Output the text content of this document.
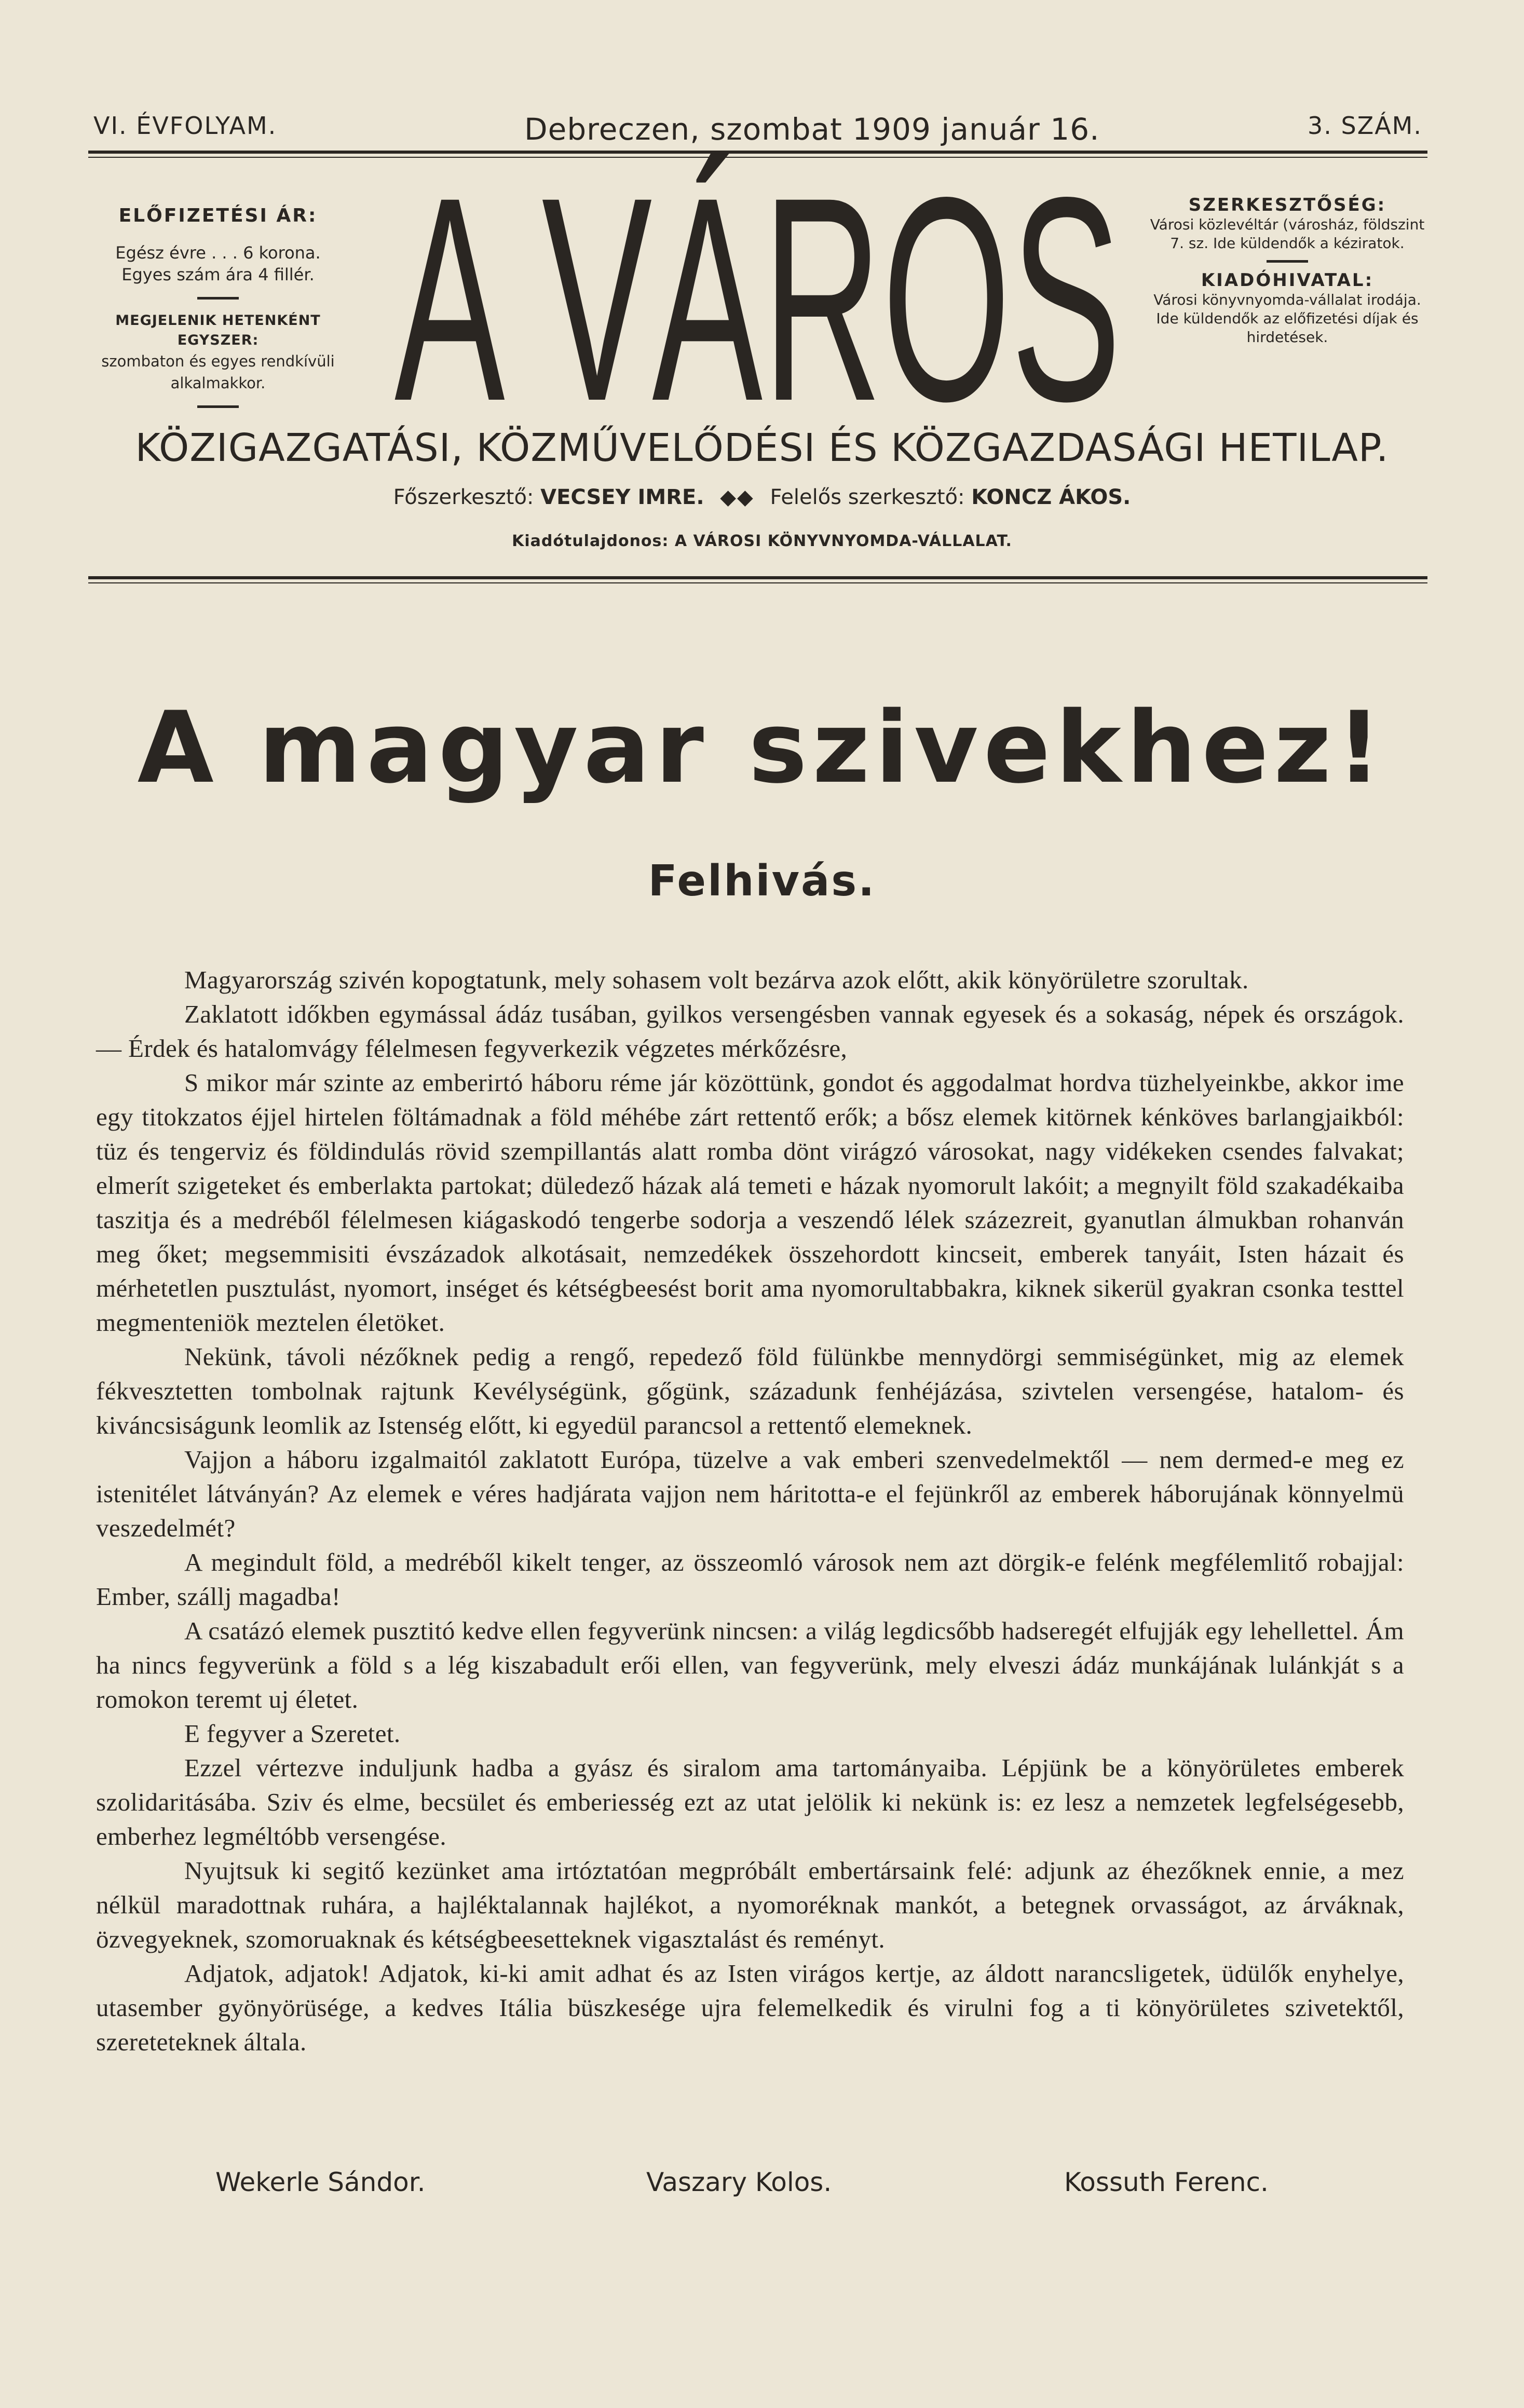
VI. ÉVFOLYAM.	Debreczen, szombat 1909 január 16.	3. SZÁM.
ELŐFIZETÉSI ÁR:
Egész évre . . . 6 korona.
Egyes szám ára 4 fillér.
MEGJELENIK HETENKÉNT EGYSZER:
szombaton és egyes rendkívüli alkalmakkor. A VÁROS	SZERKESZTŐSÉG:
Városi közlevéltár (városház, földszint 7. sz. Ide küldendők a kéziratok.
KIADÓHIVATAL:
Városi könyvnyomda-vállalat irodája. Ide küldendők az előfizetési díjak és hirdetések.
KÖZIGAZGATÁSI, KÖZMŰVELŐDÉSI ÉS KÖZGAZDASÁGI HETILAP.
Főszerkesztő: VECSEY IMRE. ◆◆ Felelős szerkesztő: KONCZ ÁKOS.
Kiadótulajdonos: A VÁROSI KÖNYVNYOMDA-VÁLLALAT.
A magyar szivekhez!
Felhivás.

Magyarország szivén kopogtatunk, mely sohasem volt bezárva azok előtt, akik könyörületre szorultak.

Zaklatott időkben egymással ádáz tusában, gyilkos versengésben vannak egyesek és a sokaság, népek és országok. — Érdek és hatalomvágy félelmesen fegyverkezik végzetes mérkőzésre,

S mikor már szinte az emberirtó háboru réme jár közöttünk, gondot és aggodalmat hordva tüzhelyeinkbe, akkor ime egy titokzatos éjjel hirtelen föltámadnak a föld méhébe zárt rettentő erők; a bősz elemek kitörnek kénköves barlangjaikból: tüz és tengerviz és földindulás rövid szempillantás alatt romba dönt virágzó városokat, nagy vidékeken csendes falvakat; elmerít szigeteket és emberlakta partokat; düledező házak alá temeti e házak nyomorult lakóit; a megnyilt föld szakadékaiba taszitja és a medréből félelmesen kiágaskodó tengerbe sodorja a veszendő lélek százezreit, gyanutlan álmukban rohanván meg őket; megsemmisiti évszázadok alkotásait, nemzedékek összehordott kincseit, emberek tanyáit, Isten házait és mérhetetlen pusztulást, nyomort, inséget és kétségbeesést borit ama nyomorultabbakra, kiknek sikerül gyakran csonka testtel megmenteniök meztelen életöket.

Nekünk, távoli nézőknek pedig a rengő, repedező föld fülünkbe mennydörgi semmiségünket, mig az elemek fékvesztetten tombolnak rajtunk Kevélységünk, gőgünk, századunk fenhéjázása, szivtelen versengése, hatalom- és kiváncsiságunk leomlik az Istenség előtt, ki egyedül parancsol a rettentő elemeknek.

Vajjon a háboru izgalmaitól zaklatott Európa, tüzelve a vak emberi szenvedelmektől — nem dermed-e meg ez istenitélet látványán? Az elemek e véres hadjárata vajjon nem háritotta-e el fejünkről az emberek háborujának könnyelmü veszedelmét?

A megindult föld, a medréből kikelt tenger, az összeomló városok nem azt dörgik-e felénk megfélemlitő robajjal: Ember, szállj magadba!

A csatázó elemek pusztitó kedve ellen fegyverünk nincsen: a világ legdicsőbb hadseregét elfujják egy lehellettel. Ám ha nincs fegyverünk a föld s a lég kiszabadult erői ellen, van fegyverünk, mely elveszi ádáz munkájának lulánkját s a romokon teremt uj életet.

E fegyver a Szeretet.

Ezzel vértezve induljunk hadba a gyász és siralom ama tartományaiba. Lépjünk be a könyörületes emberek szolidaritásába. Sziv és elme, becsület és emberiesség ezt az utat jelölik ki nekünk is: ez lesz a nemzetek legfelségesebb, emberhez legméltóbb versengése.

Nyujtsuk ki segitő kezünket ama irtóztatóan megpróbált embertársaink felé: adjunk az éhezőknek ennie, a mez nélkül maradottnak ruhára, a hajléktalannak hajlékot, a nyomoréknak mankót, a betegnek orvasságot, az árváknak, özvegyeknek, szomoruaknak és kétségbeesetteknek vigasztalást és reményt.

Adjatok, adjatok! Adjatok, ki-ki amit adhat és az Isten virágos kertje, az áldott narancsligetek, üdülők enyhelye, utasember gyönyörüsége, a kedves Itália büszkesége ujra felemelkedik és virulni fog a ti könyörületes szivetektől, szereteteknek általa.

Wekerle Sándor.	Vaszary Kolos.	Kossuth Ferenc.
